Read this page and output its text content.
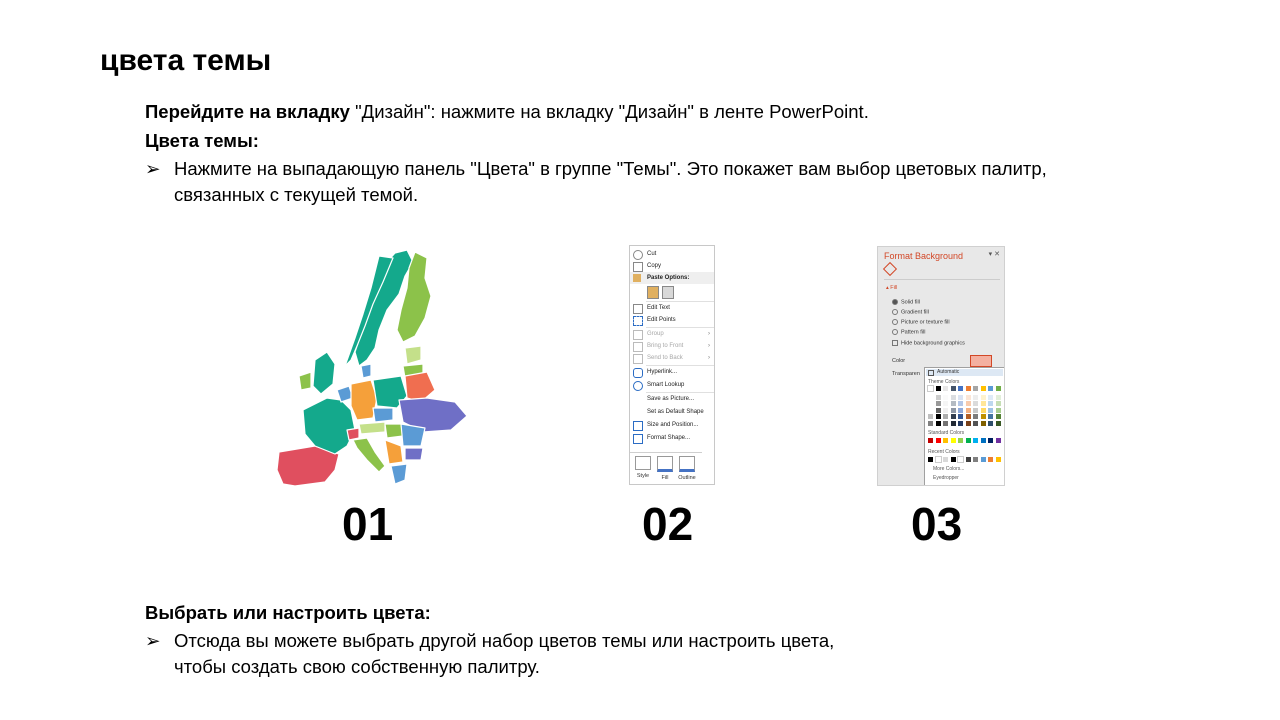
цвета темы
Перейдите на вкладку "Дизайн": нажмите на вкладку "Дизайн" в ленте PowerPoint.
Цвета темы:
➢ Нажмите на выпадающую панель "Цвета" в группе "Темы". Это покажет вам выбор цветовых палитр,
связанных с текущей темой.
Cut
Copy
Paste Options:
Edit Text
Edit Points
Group	›
Bring to Front	›
Send to Back	›
Hyperlink...
Smart Lookup
Save as Picture...
Set as Default Shape
Size and Position...
Format Shape...
Style	Fill	Outline
Format Background	▾ ✕
▴ Fill
Solid fill
Gradient fill
Picture or texture fill
Pattern fill
Hide background graphics
Color
Transparen	Automatic
Theme Colors
Standard Colors
Recent Colors
More Colors...
Eyedropper
01	02	03
Выбрать или настроить цвета:
➢ Отсюда вы можете выбрать другой набор цветов темы или настроить цвета,
чтобы создать свою собственную палитру.
